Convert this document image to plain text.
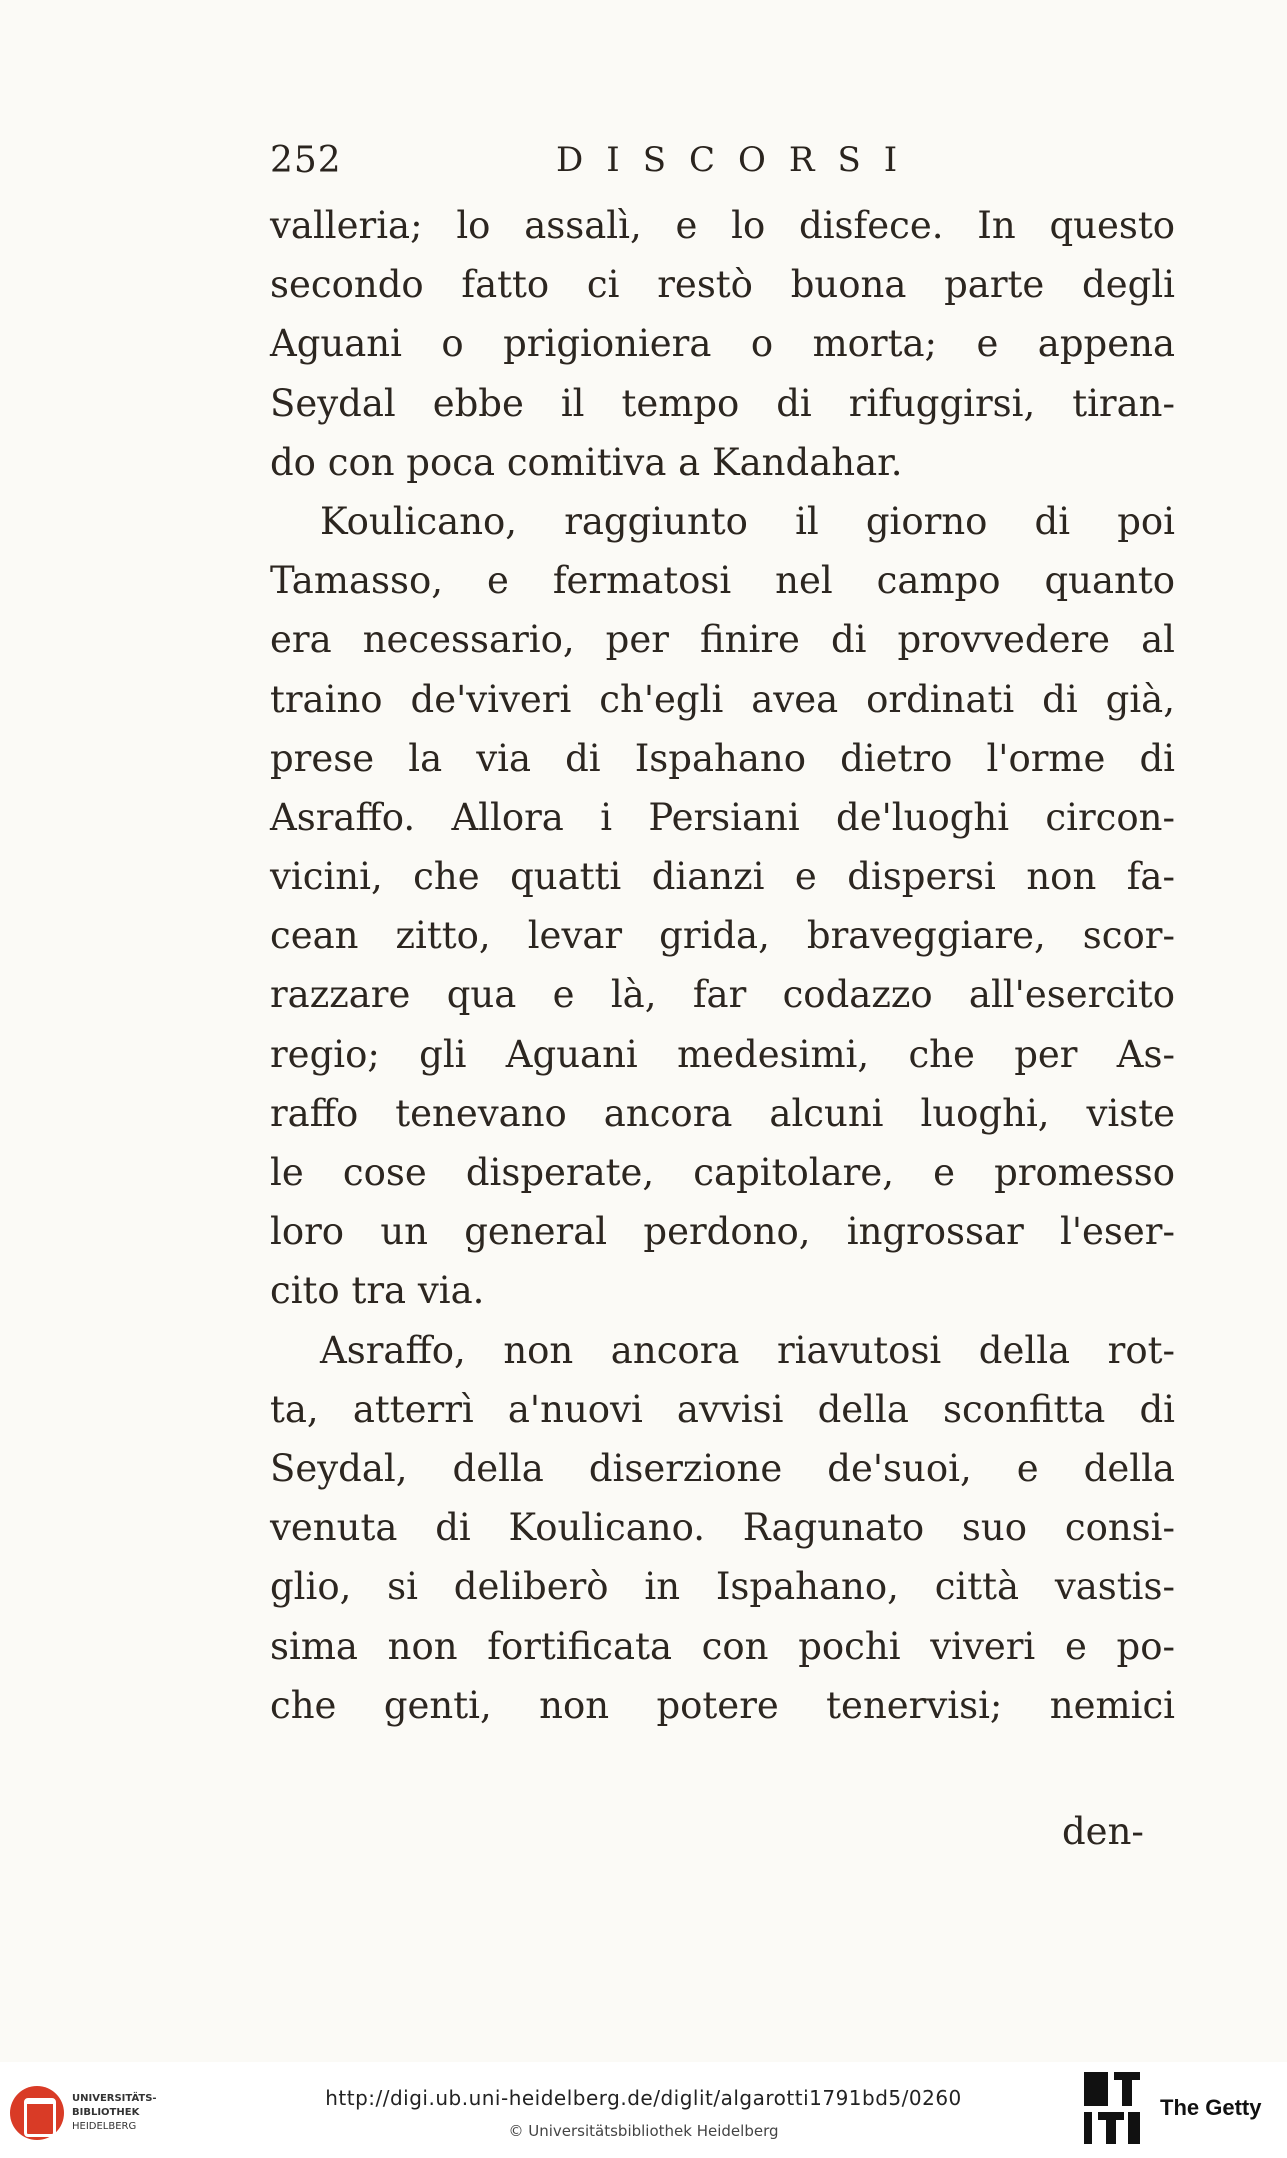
252	DISCORSI
valleria; lo assalì, e lo disfece. In questo
secondo fatto ci restò buona parte degli
Aguani o prigioniera o morta; e appena
Seydal ebbe il tempo di rifuggirsi, tiran-
do con poca comitiva a Kandahar.
Koulicano, raggiunto il giorno di poi
Tamasso, e fermatosi nel campo quanto
era necessario, per finire di provvedere al
traino de'viveri ch'egli avea ordinati di già,
prese la via di Ispahano dietro l'orme di
Asraffo. Allora i Persiani de'luoghi circon-
vicini, che quatti dianzi e dispersi non fa-
cean zitto, levar grida, braveggiare, scor-
razzare qua e là, far codazzo all'esercito
regio; gli Aguani medesimi, che per As-
raffo tenevano ancora alcuni luoghi, viste
le cose disperate, capitolare, e promesso
loro un general perdono, ingrossar l'eser-
cito tra via.
Asraffo, non ancora riavutosi della rot-
ta, atterrì a'nuovi avvisi della sconfitta di
Seydal, della diserzione de'suoi, e della
venuta di Koulicano. Ragunato suo consi-
glio, si deliberò in Ispahano, città vastis-
sima non fortificata con pochi viveri e po-
che genti, non potere tenervisi; nemici
den-
UNIVERSITÄTS-
BIBLIOTHEK
HEIDELBERG
http://digi.ub.uni-heidelberg.de/diglit/algarotti1791bd5/0260
© Universitätsbibliothek Heidelberg
The Getty
